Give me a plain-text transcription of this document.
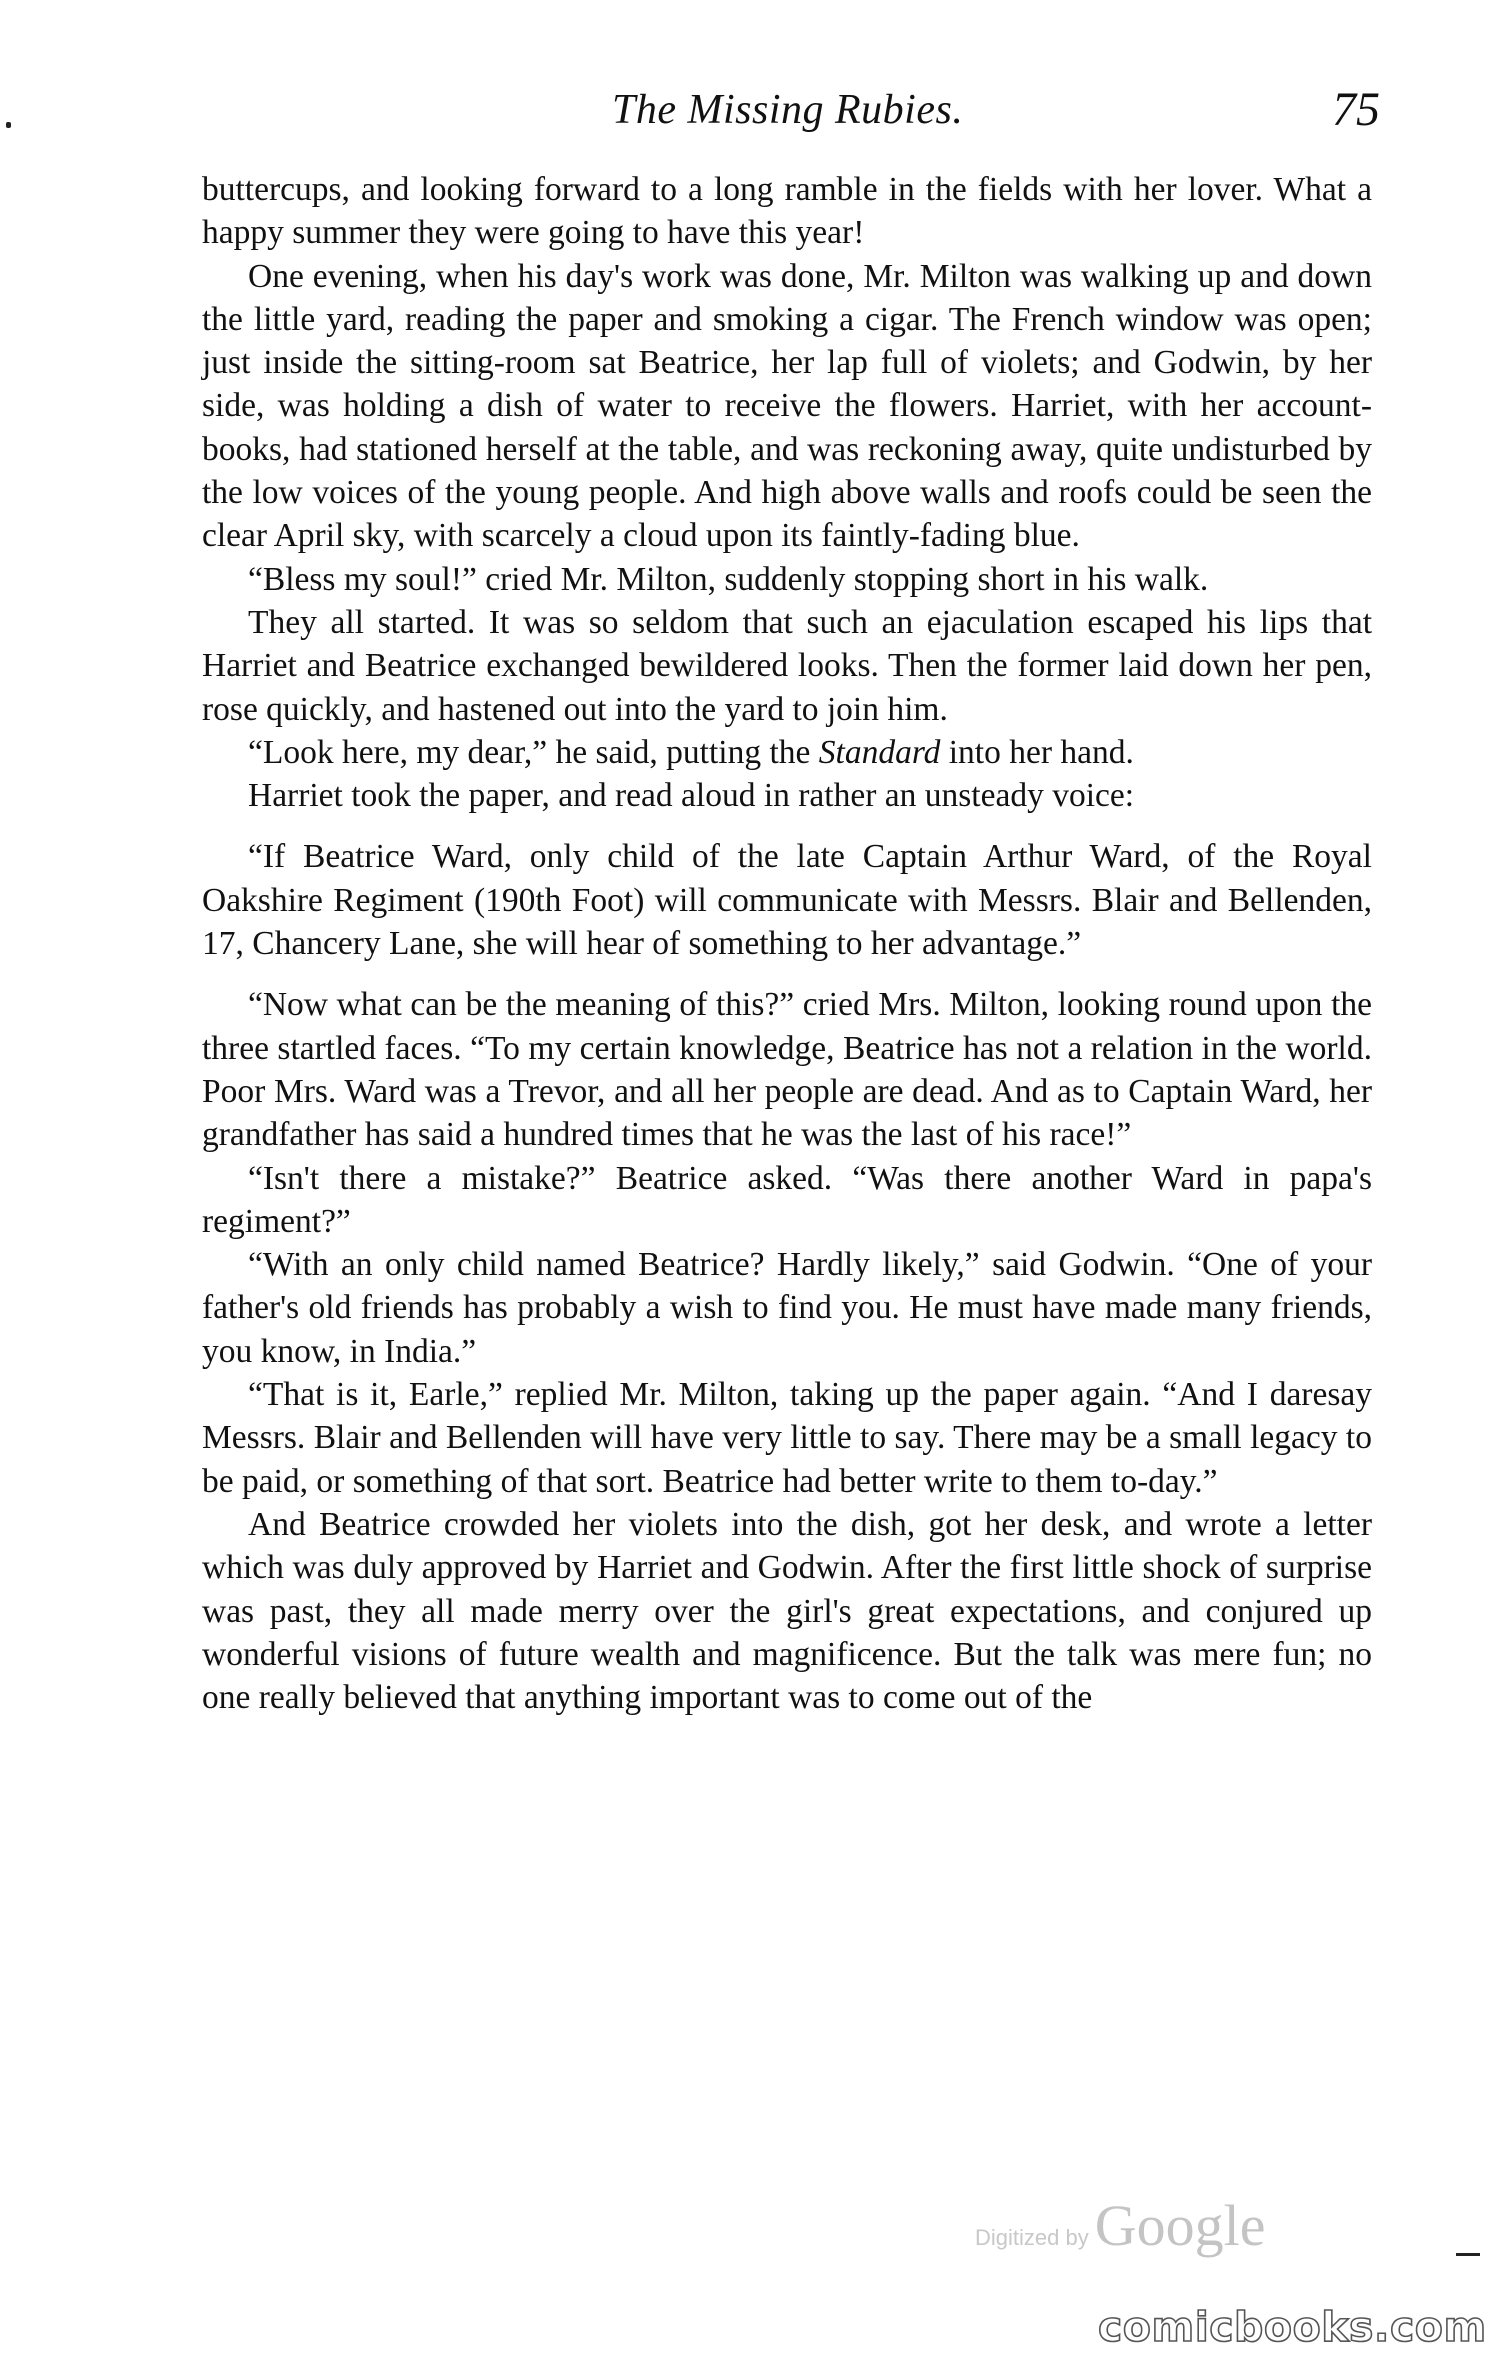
The Missing Rubies.	75

buttercups, and looking forward to a long ramble in the fields with her lover. What a happy summer they were going to have this year!

One evening, when his day's work was done, Mr. Milton was walking up and down the little yard, reading the paper and smoking a cigar. The French window was open; just inside the sitting-room sat Beatrice, her lap full of violets; and Godwin, by her side, was holding a dish of water to receive the flowers. Harriet, with her account-books, had stationed herself at the table, and was reckoning away, quite undisturbed by the low voices of the young people. And high above walls and roofs could be seen the clear April sky, with scarcely a cloud upon its faintly-fading blue.

“Bless my soul!” cried Mr. Milton, suddenly stopping short in his walk.

They all started. It was so seldom that such an ejaculation escaped his lips that Harriet and Beatrice exchanged bewildered looks. Then the former laid down her pen, rose quickly, and hastened out into the yard to join him.

“Look here, my dear,” he said, putting the Standard into her hand.

Harriet took the paper, and read aloud in rather an unsteady voice:

“If Beatrice Ward, only child of the late Captain Arthur Ward, of the Royal Oakshire Regiment (190th Foot) will communicate with Messrs. Blair and Bellenden, 17, Chancery Lane, she will hear of something to her advantage.”

“Now what can be the meaning of this?” cried Mrs. Milton, looking round upon the three startled faces. “To my certain knowledge, Beatrice has not a relation in the world. Poor Mrs. Ward was a Trevor, and all her people are dead. And as to Captain Ward, her grandfather has said a hundred times that he was the last of his race!”

“Isn't there a mistake?” Beatrice asked. “Was there another Ward in papa's regiment?”

“With an only child named Beatrice? Hardly likely,” said Godwin. “One of your father's old friends has probably a wish to find you. He must have made many friends, you know, in India.”

“That is it, Earle,” replied Mr. Milton, taking up the paper again. “And I daresay Messrs. Blair and Bellenden will have very little to say. There may be a small legacy to be paid, or something of that sort. Beatrice had better write to them to-day.”

And Beatrice crowded her violets into the dish, got her desk, and wrote a letter which was duly approved by Harriet and Godwin. After the first little shock of surprise was past, they all made merry over the girl's great expectations, and conjured up wonderful visions of future wealth and magnificence. But the talk was mere fun; no one really believed that anything important was to come out of the

Digitized by Google
comicbooks.com
